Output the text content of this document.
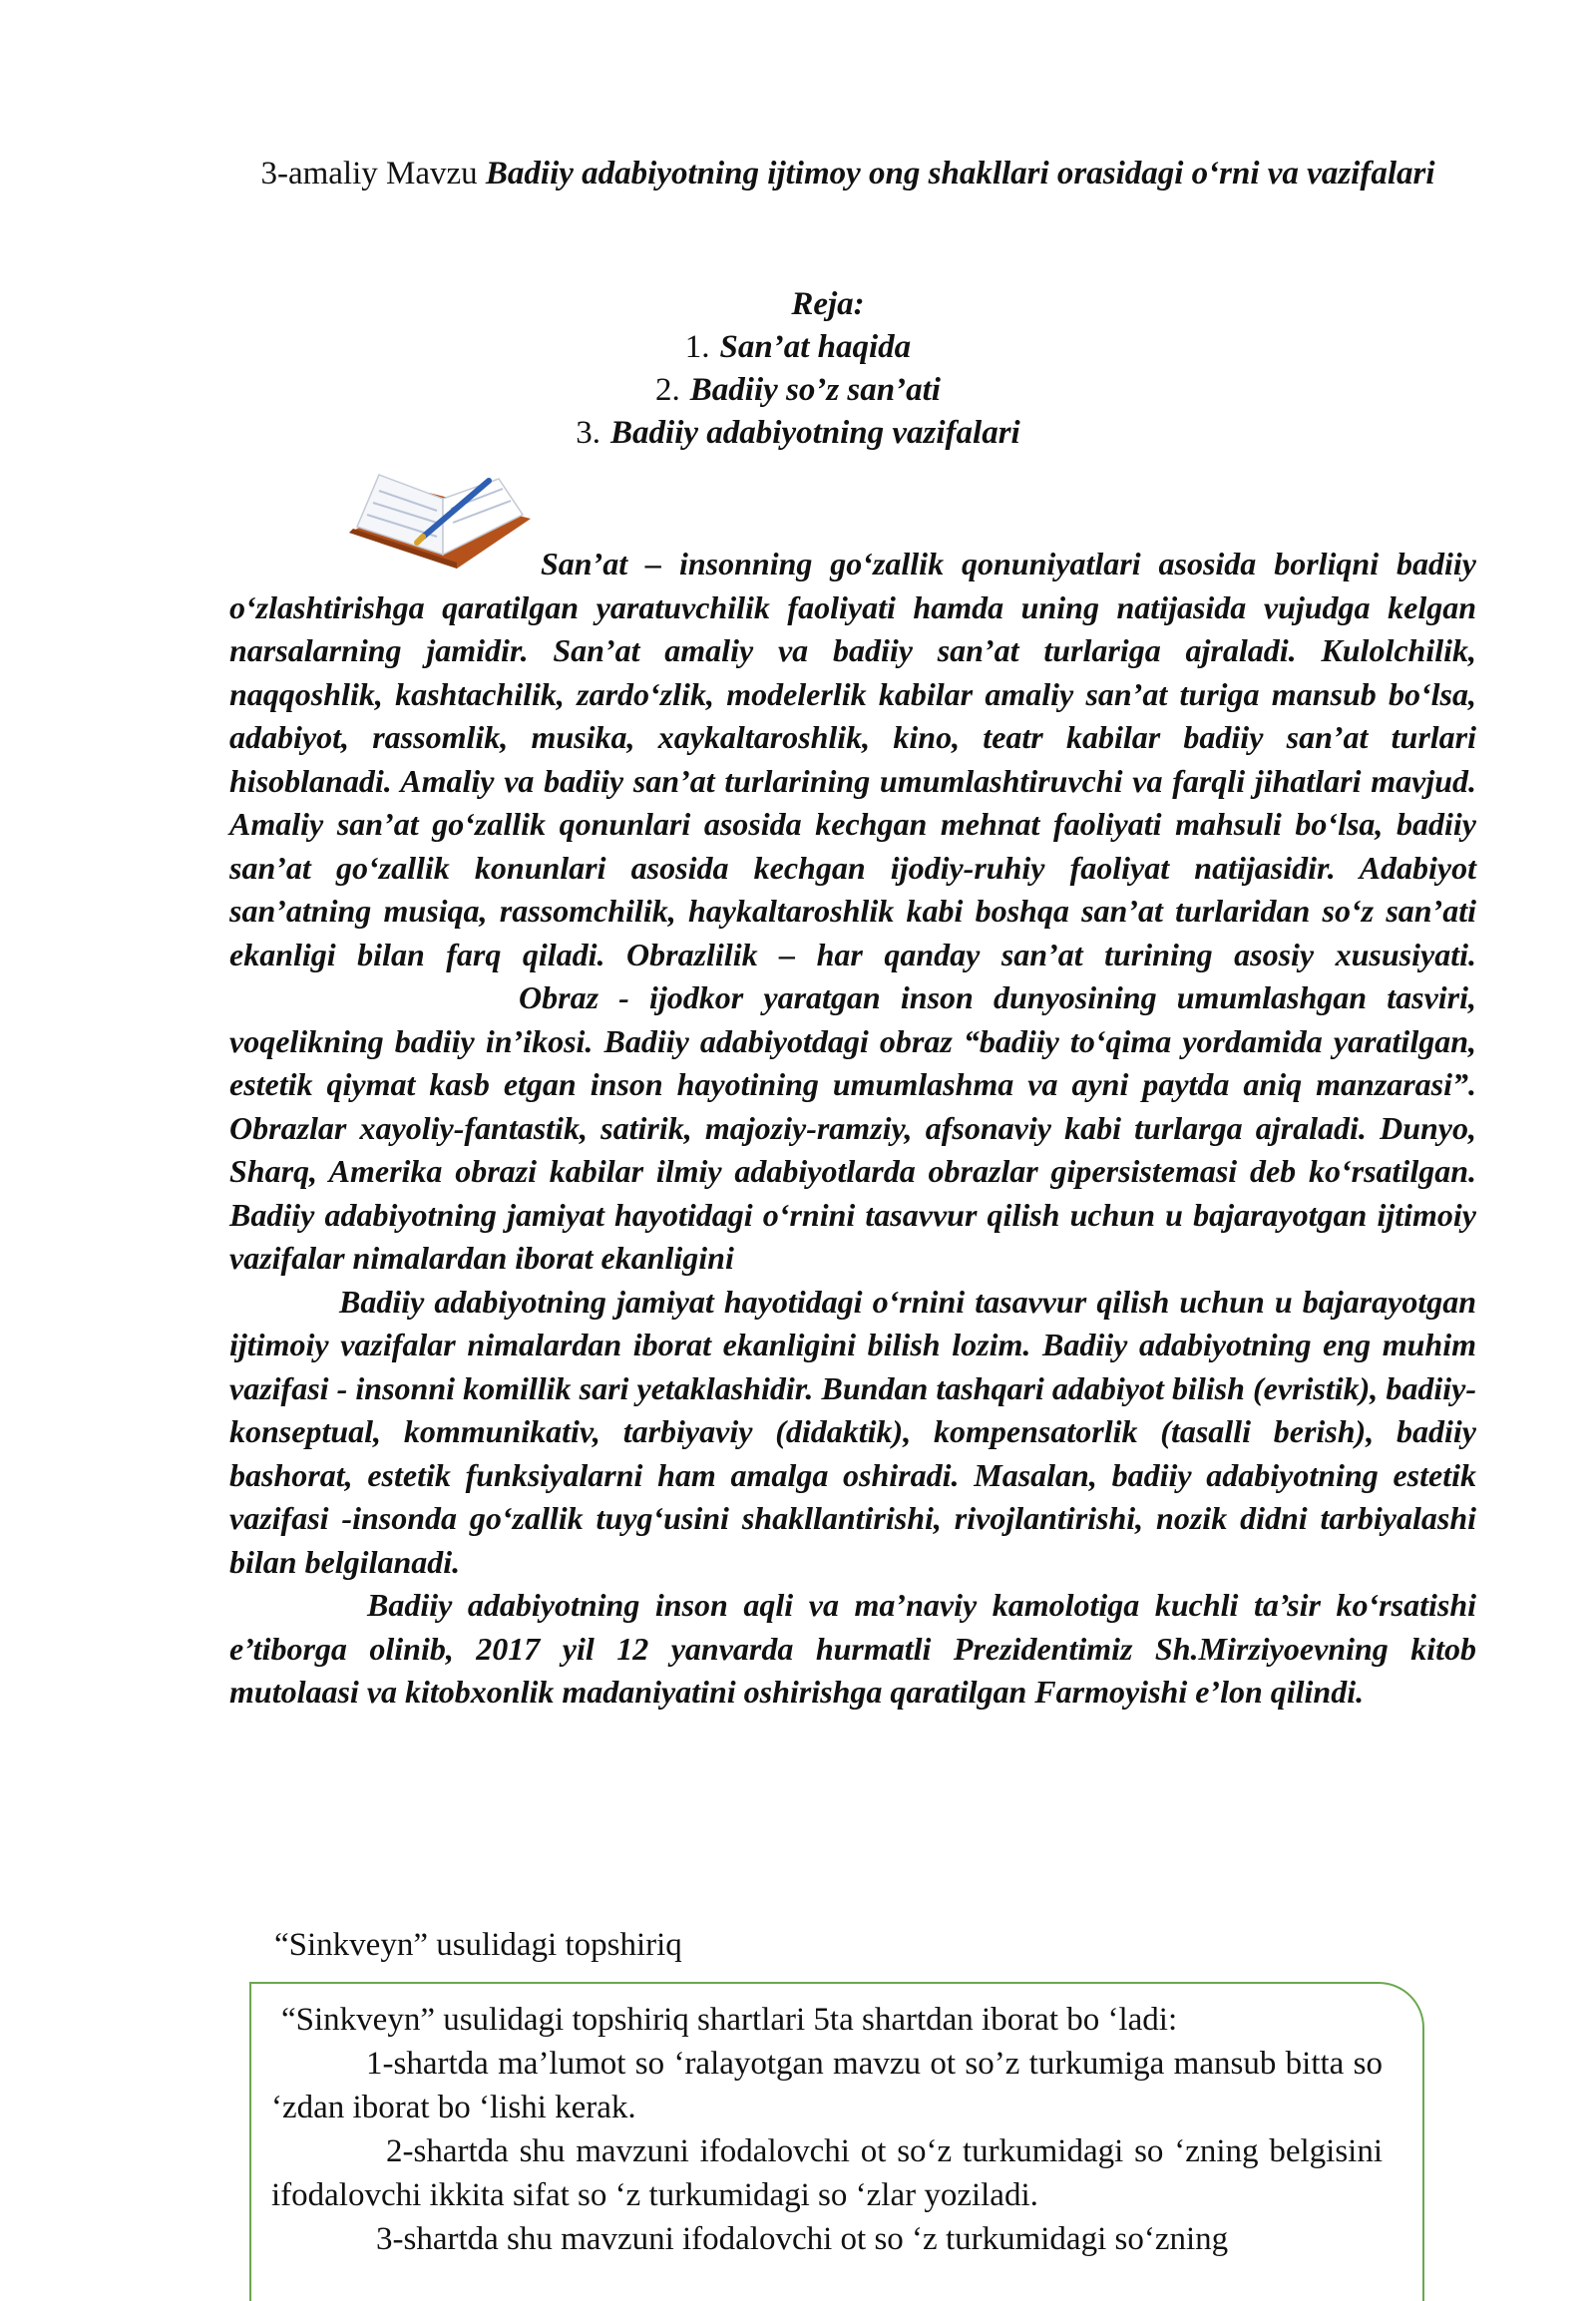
3-amaliy Mavzu Badiiy adabiyotning ijtimoy ong shakllari orasidagi o‘rni va vazifalari
Reja:
1. San’at haqida
2. Badiiy so’z san’ati
3. Badiiy adabiyotning vazifalari

San’at – insonning go‘zallik qonuniyatlari asosida borliqni badiiy o‘zlashtirishga qaratilgan yaratuvchilik faoliyati hamda uning natijasida vujudga kelgan narsalarning jamidir. San’at amaliy va badiiy san’at turlariga ajraladi. Kulolchilik, naqqoshlik, kashtachilik, zardo‘zlik, modelerlik kabilar amaliy san’at turiga mansub bo‘lsa, adabiyot, rassomlik, musika, xaykaltaroshlik, kino, teatr kabilar badiiy san’at turlari hisoblanadi. Amaliy va badiiy san’at turlarining umumlashtiruvchi va farqli jihatlari mavjud. Amaliy san’at go‘zallik qonunlari asosida kechgan mehnat faoliyati mahsuli bo‘lsa, badiiy san’at go‘zallik konunlari asosida kechgan ijodiy-ruhiy faoliyat natijasidir. Adabiyot san’atning musiqa, rassomchilik, haykaltaroshlik kabi boshqa san’at turlaridan so‘z san’ati ekanligi bilan farq qiladi. Obrazlilik – har qanday san’at turining asosiy xususiyati.Obraz - ijodkor yaratgan inson dunyosining umumlashgan tasviri, voqelikning badiiy in’ikosi. Badiiy adabiyotdagi obraz “badiiy to‘qima yordamida yaratilgan, estetik qiymat kasb etgan inson hayotining umumlashma va ayni paytda aniq manzarasi”. Obrazlar xayoliy-fantastik, satirik, majoziy-ramziy, afsonaviy kabi turlarga ajraladi. Dunyo, Sharq, Amerika obrazi kabilar ilmiy adabiyotlarda obrazlar gipersistemasi deb ko‘rsatilgan. Badiiy adabiyotning jamiyat hayotidagi o‘rnini tasavvur qilish uchun u bajarayotgan ijtimoiy vazifalar nimalardan iborat ekanligini

Badiiy adabiyotning jamiyat hayotidagi o‘rnini tasavvur qilish uchun u bajarayotgan ijtimoiy vazifalar nimalardan iborat ekanligini bilish lozim. Badiiy adabiyotning eng muhim vazifasi - insonni komillik sari yetaklashidir. Bundan tashqari adabiyot bilish (evristik), badiiy-konseptual, kommunikativ, tarbiyaviy (didaktik), kompensatorlik (tasalli berish), badiiy bashorat, estetik funksiyalarni ham amalga oshiradi. Masalan, badiiy adabiyotning estetik vazifasi -insonda go‘zallik tuyg‘usini shakllantirishi, rivojlantirishi, nozik didni tarbiyalashi bilan belgilanadi.

Badiiy adabiyotning inson aqli va ma’naviy kamolotiga kuchli ta’sir ko‘rsatishi e’tiborga olinib, 2017 yil 12 yanvarda hurmatli Prezidentimiz Sh.Mirziyoevning kitob mutolaasi va kitobxonlik madaniyatini oshirishga qaratilgan Farmoyishi e’lon qilindi.

“Sinkveyn” usulidagi topshiriq

“Sinkveyn” usulidagi topshiriq shartlari 5ta shartdan iborat bo ‘ladi:

1-shartda ma’lumot so ‘ralayotgan mavzu ot so’z turkumiga mansub bitta so ‘zdan iborat bo ‘lishi kerak.

2-shartda shu mavzuni ifodalovchi ot so‘z turkumidagi so ‘zning belgisini ifodalovchi ikkita sifat so ‘z turkumidagi so ‘zlar yoziladi.

3-shartda shu mavzuni ifodalovchi ot so ‘z turkumidagi so‘zning
